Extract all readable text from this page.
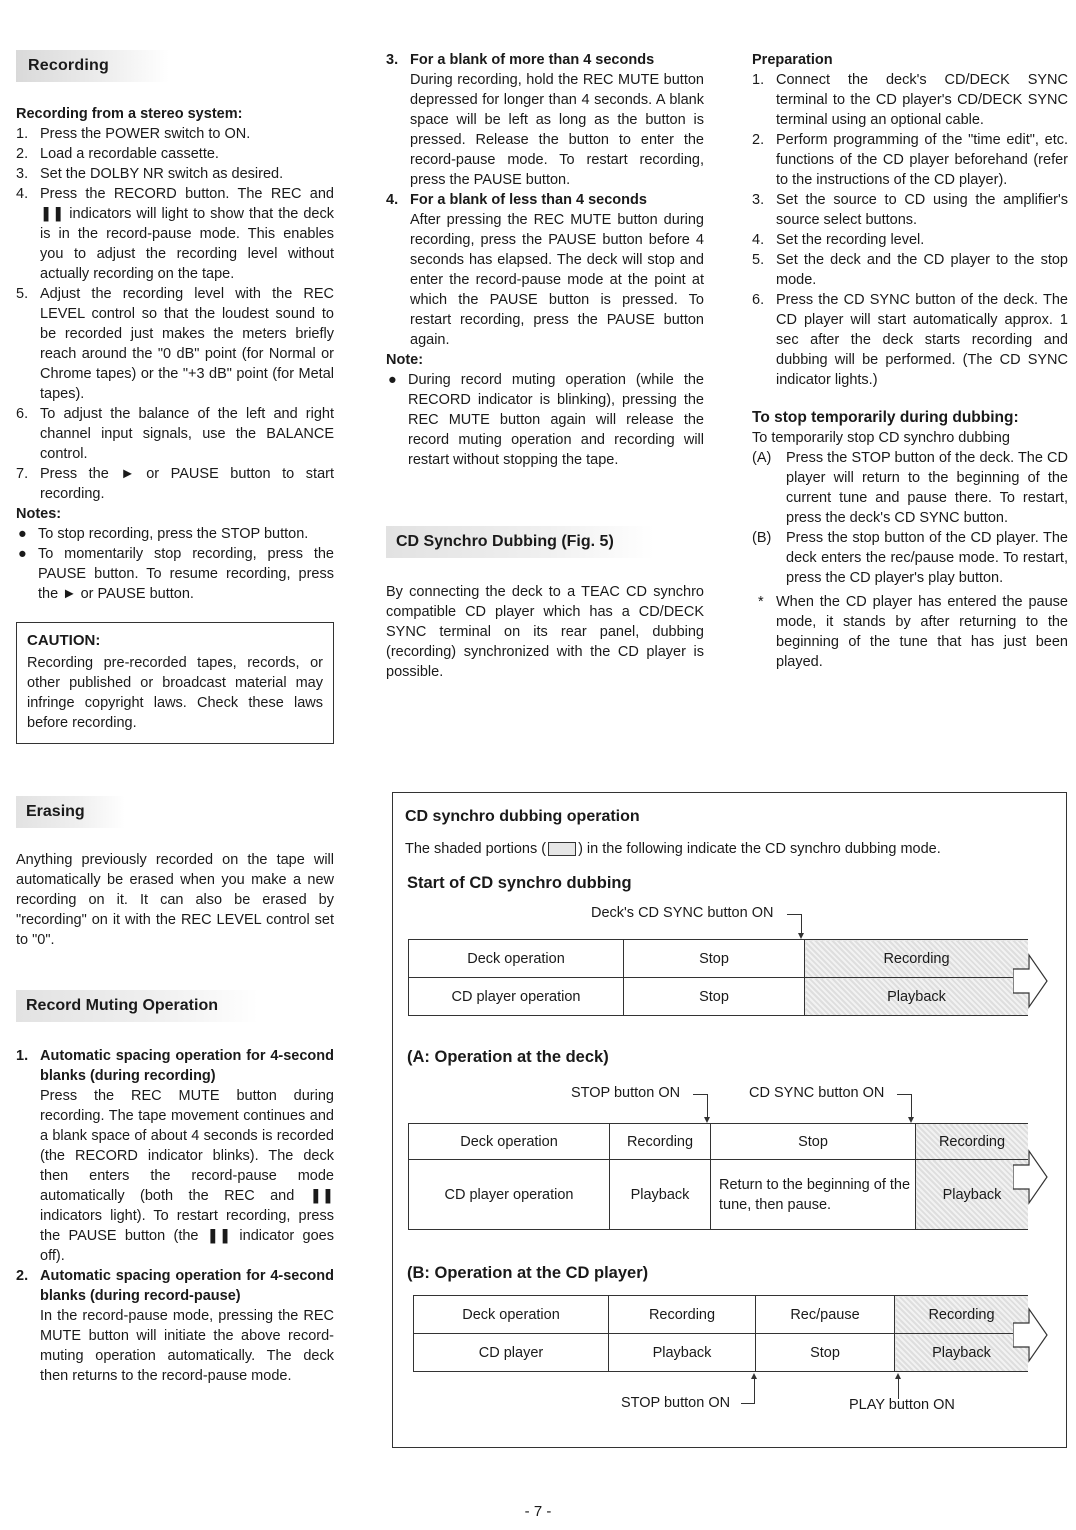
Recording

Recording from a stereo system:

1. Press the POWER switch to ON.
2. Load a recordable cassette.
3. Set the DOLBY NR switch as desired.
4. Press the RECORD button. The REC and ❚❚ indicators will light to show that the deck is in the record-pause mode. This enables you to adjust the recording level without actually recording on the tape.
5. Adjust the recording level with the REC LEVEL control so that the loudest sound to be recorded just makes the meters briefly reach around the "0 dB" point (for Normal or Chrome tapes) or the "+3 dB" point (for Metal tapes).
6. To adjust the balance of the left and right channel input signals, use the BALANCE control.
7. Press the ► or PAUSE button to start recording.

Notes:

● To stop recording, press the STOP button.
● To momentarily stop recording, press the PAUSE button. To resume recording, press the ► or PAUSE button.
CAUTION:

Recording pre-recorded tapes, records, or other published or broadcast material may infringe copyright laws. Check these laws before recording.

Erasing

Anything previously recorded on the tape will automatically be erased when you make a new recording on it. It can also be erased by "recording" on it with the REC LEVEL control set to "0".

Record Muting Operation
1. Automatic spacing operation for 4-second blanks (during recording)
Press the REC MUTE button during recording. The tape movement continues and a blank space of about 4 seconds is recorded (the RECORD indicator blinks). The deck then enters the record-pause mode automatically (both the REC and ❚❚ indicators light). To restart recording, press the PAUSE button (the ❚❚ indicator goes off).
2. Automatic spacing operation for 4-second blanks (during record-pause)
In the record-pause mode, pressing the REC MUTE button will initiate the above record-muting operation automatically. The deck then returns to the record-pause mode.
3. For a blank of more than 4 seconds
During recording, hold the REC MUTE button depressed for longer than 4 seconds. A blank space will be left as long as the button is pressed. Release the button to enter the record-pause mode. To restart recording, press the PAUSE button.
4. For a blank of less than 4 seconds
After pressing the REC MUTE button during recording, press the PAUSE button before 4 seconds has elapsed. The deck will stop and enter the record-pause mode at the point at which the PAUSE button is pressed. To restart recording, press the PAUSE button again.

Note:

● During record muting operation (while the RECORD indicator is blinking), pressing the REC MUTE button again will release the record muting operation and recording will restart without stopping the tape.
CD Synchro Dubbing (Fig. 5)

By connecting the deck to a TEAC CD synchro compatible CD player which has a CD/DECK SYNC terminal on its rear panel, dubbing (recording) synchronized with the CD player is possible.

Preparation

1. Connect the deck's CD/DECK SYNC terminal to the CD player's CD/DECK SYNC terminal using an optional cable.
2. Perform programming of the "time edit", etc. functions of the CD player beforehand (refer to the instructions of the CD player).
3. Set the source to CD using the amplifier's source select buttons.
4. Set the recording level.
5. Set the deck and the CD player to the stop mode.
6. Press the CD SYNC button of the deck. The CD player will start automatically approx. 1 sec after the deck starts recording and dubbing will be performed. (The CD SYNC indicator lights.)

To stop temporarily during dubbing:

To temporarily stop CD synchro dubbing

(A) Press the STOP button of the deck. The CD player will return to the beginning of the current tune and pause there. To restart, press the deck's CD SYNC button.
(B) Press the stop button of the CD player. The deck enters the rec/pause mode. To restart, press the CD player's play button.
* When the CD player has entered the pause mode, it stands by after returning to the beginning of the tune that has just been played.
CD synchro dubbing operation
The shaded portions ( ) in the following indicate the CD synchro dubbing mode.
Start of CD synchro dubbing
Deck's CD SYNC button ON
Deck operation	Stop	Recording
CD player operation	Stop	Playback
(A: Operation at the deck)
STOP button ON	CD SYNC button ON
Deck operation	Recording	Stop	Recording
CD player operation	Playback	Return to the beginning of the tune, then pause.	Playback
(B: Operation at the CD player)
Deck operation	Recording	Rec/pause	Recording
CD player	Playback	Stop	Playback
STOP button ON	PLAY button ON
- 7 -
